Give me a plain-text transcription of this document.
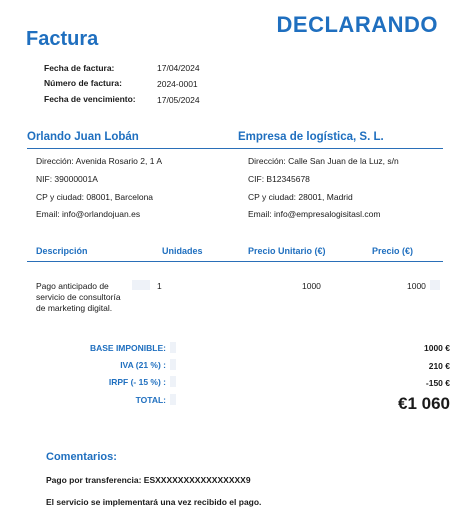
Factura
DECLARANDO
Fecha de factura:	17/04/2024
Número de factura:	2024-0001
Fecha de vencimiento:	17/05/2024
Orlando Juan Lobán	Empresa de logística, S. L.
Dirección: Avenida Rosario 2, 1 A
NIF: 39000001A
CP y ciudad: 08001, Barcelona
Email: info@orlandojuan.es
Dirección: Calle San Juan de la Luz, s/n
CIF: B12345678
CP y ciudad: 28001, Madrid
Email: info@empresalogisitasl.com
Descripción	Unidades	Precio Unitario (€)	Precio (€)
Pago anticipado de
servicio de consultoría
de marketing digital.
1	1000	1000
BASE IMPONIBLE:	1000 €
IVA (21 %) :	210 €
IRPF (- 15 %) :	-150 €
TOTAL:	€1 060
Comentarios:
Pago por transferencia: ESXXXXXXXXXXXXXXXX9
El servicio se implementará una vez recibido el pago.
